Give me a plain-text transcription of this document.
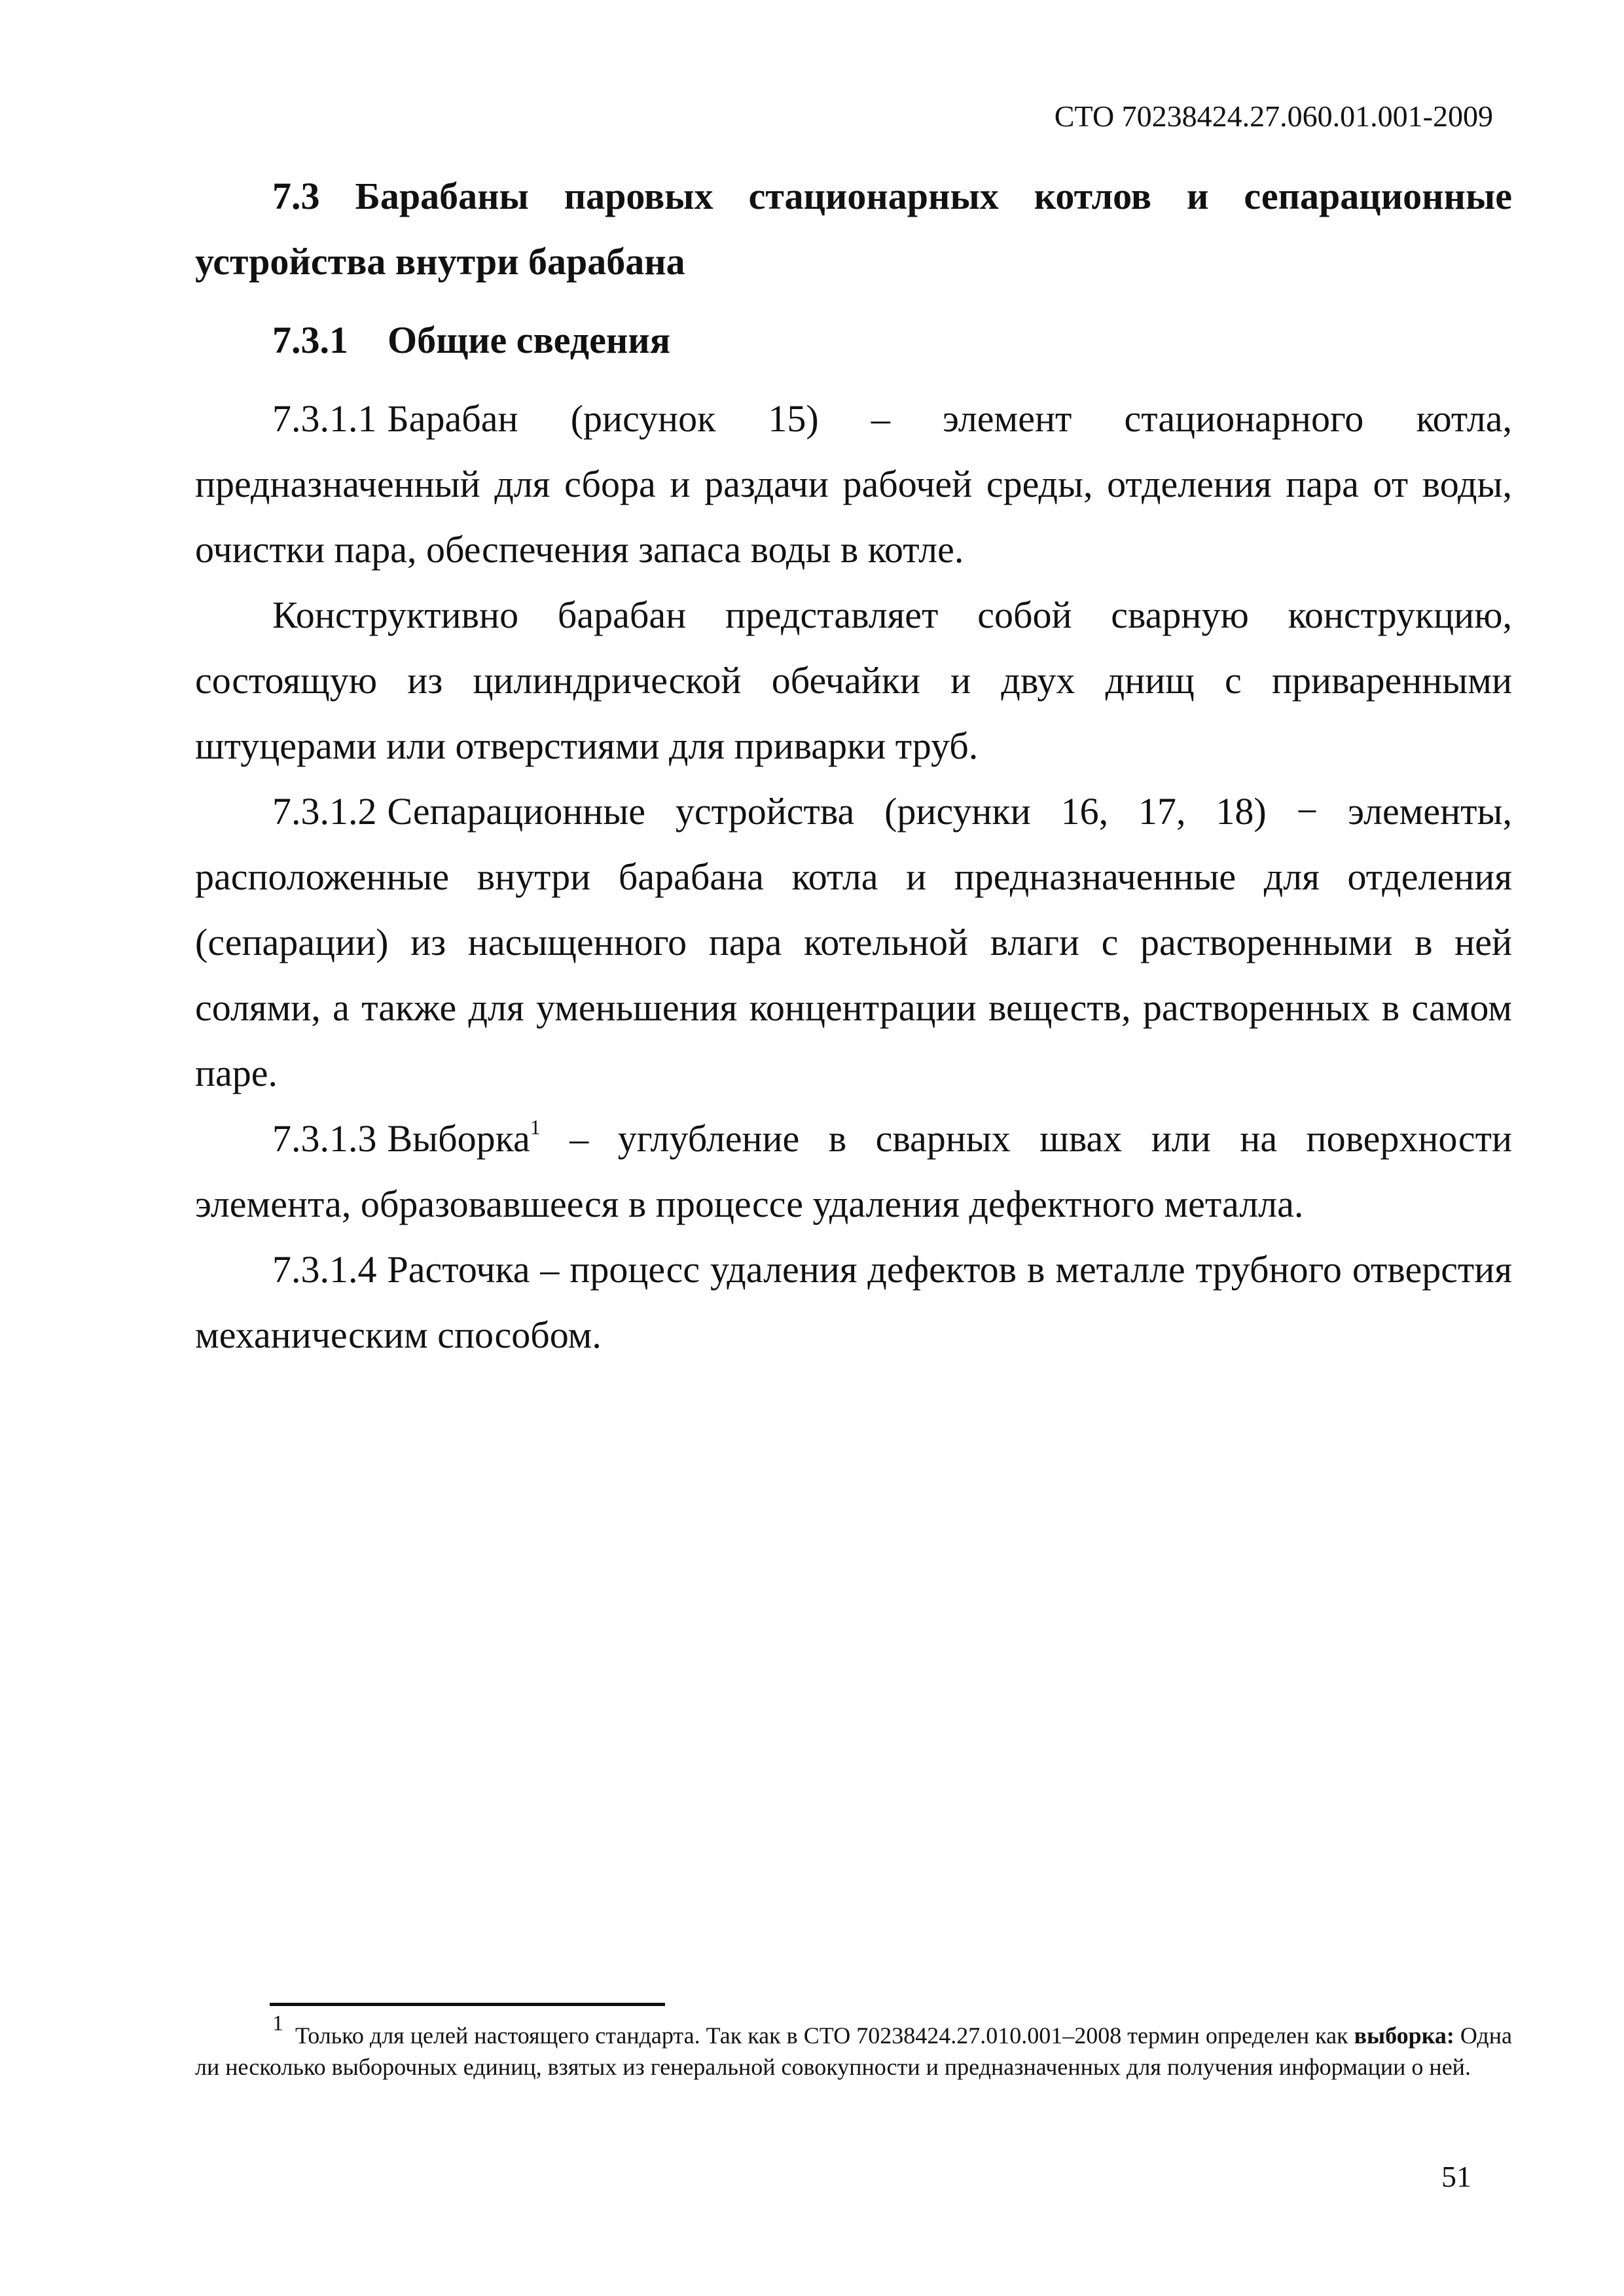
СТО 70238424.27.060.01.001-2009

7.3 Барабаны паровых стационарных котлов и сепарационные устройства внутри барабана

7.3.1 Общие сведения

7.3.1.1 Барабан (рисунок 15) – элемент стационарного котла, предназначенный для сбора и раздачи рабочей среды, отделения пара от воды, очистки пара, обеспечения запаса воды в котле.

Конструктивно барабан представляет собой сварную конструкцию, состоящую из цилиндрической обечайки и двух днищ с приваренными штуцерами или отверстиями для приварки труб.

7.3.1.2 Сепарационные устройства (рисунки 16, 17, 18) − элементы, расположенные внутри барабана котла и предназначенные для отделения (сепарации) из насыщенного пара котельной влаги с растворенными в ней солями, а также для уменьшения концентрации веществ, растворенных в самом паре.

7.3.1.3 Выборка$^1$ – углубление в сварных швах или на поверхности элемента, образовавшееся в процессе удаления дефектного металла.

7.3.1.4 Расточка – процесс удаления дефектов в металле трубного отверстия механическим способом.

$^1$ Только для целей настоящего стандарта. Так как в СТО 70238424.27.010.001–2008 термин определен как выборка: Одна ли несколько выборочных единиц, взятых из генеральной совокупности и предназначенных для получения информации о ней.

51
